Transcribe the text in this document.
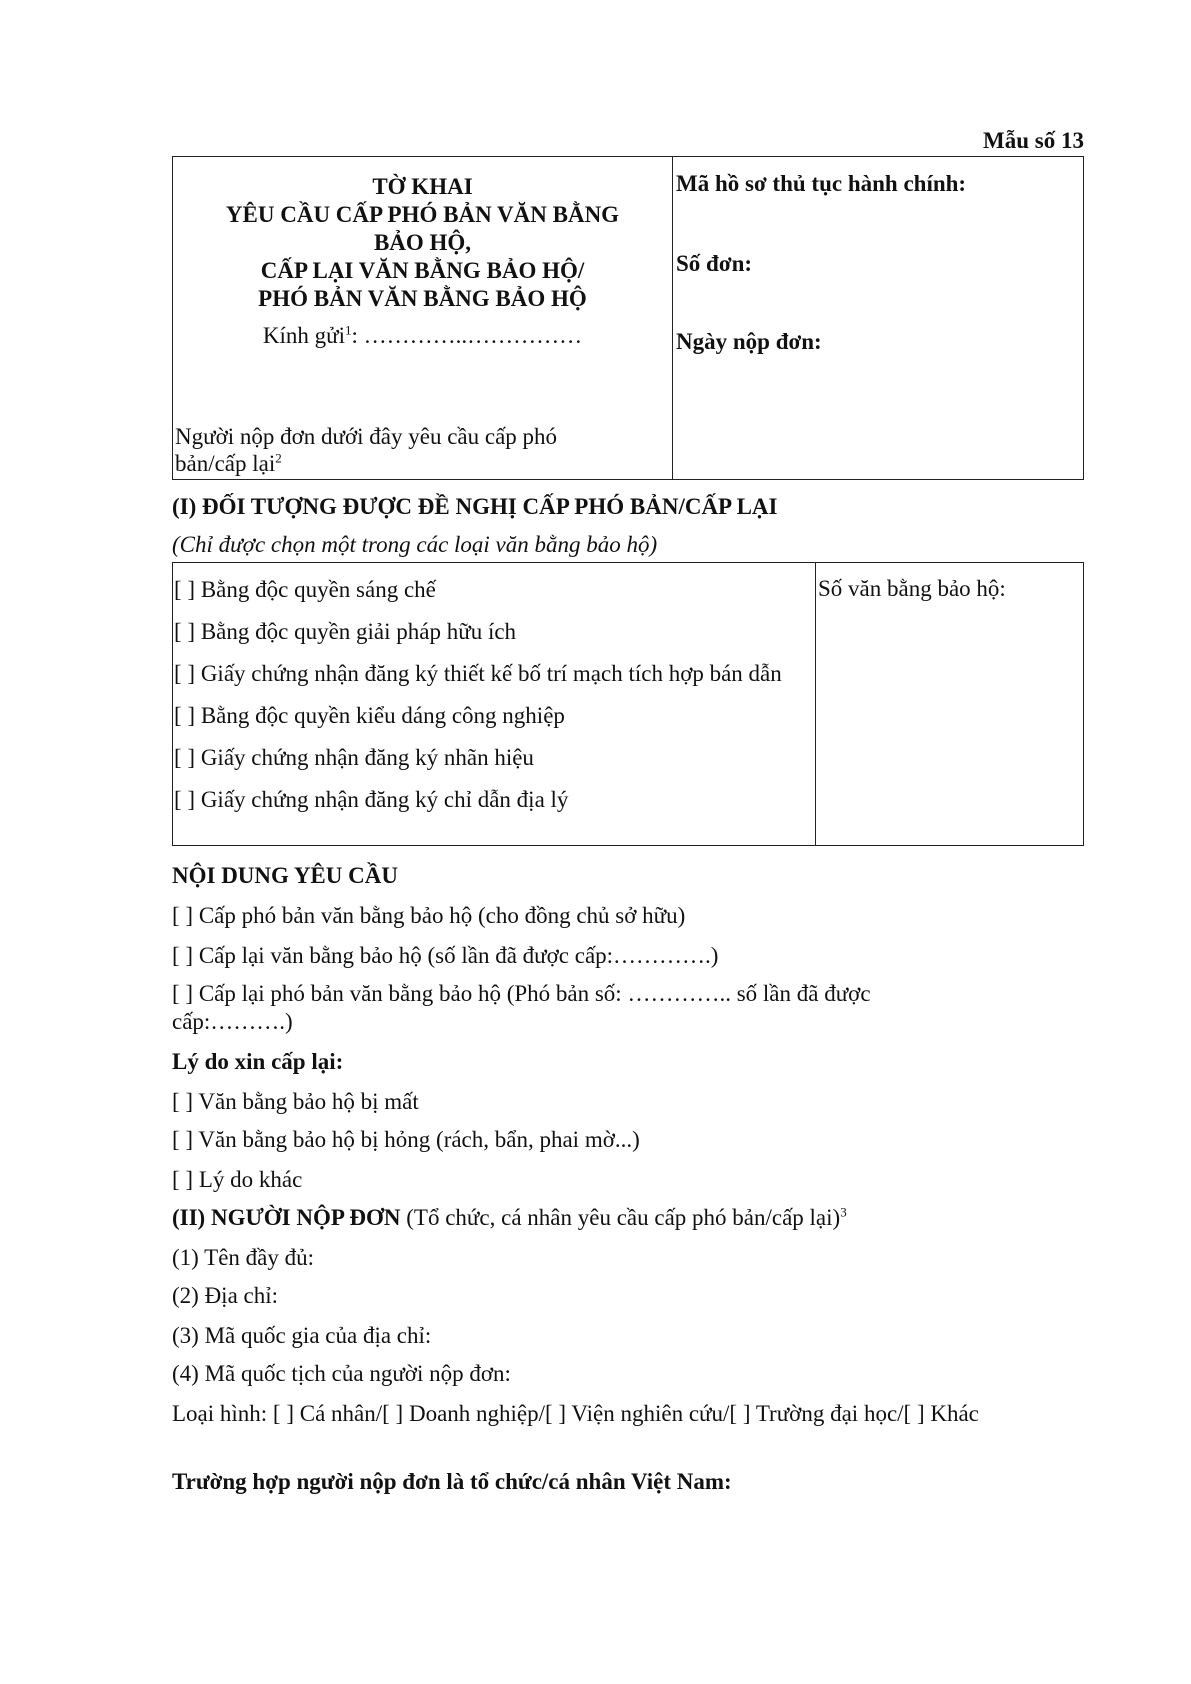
Mẫu số 13
TỜ KHAI
YÊU CẦU CẤP PHÓ BẢN VĂN BẰNG
BẢO HỘ,
CẤP LẠI VĂN BẰNG BẢO HỘ/
PHÓ BẢN VĂN BẰNG BẢO HỘ
Kính gửi$^1$: …………..……………
Người nộp đơn dưới đây yêu cầu cấp phó
bản/cấp lại$^2$
Mã hồ sơ thủ tục hành chính:
Số đơn:
Ngày nộp đơn:
(I) ĐỐI TƯỢNG ĐƯỢC ĐỀ NGHỊ CẤP PHÓ BẢN/CẤP LẠI
(Chỉ được chọn một trong các loại văn bằng bảo hộ)
[ ] Bằng độc quyền sáng chế
[ ] Bằng độc quyền giải pháp hữu ích
[ ] Giấy chứng nhận đăng ký thiết kế bố trí mạch tích hợp bán dẫn
[ ] Bằng độc quyền kiểu dáng công nghiệp
[ ] Giấy chứng nhận đăng ký nhãn hiệu
[ ] Giấy chứng nhận đăng ký chỉ dẫn địa lý
Số văn bằng bảo hộ:
NỘI DUNG YÊU CẦU
[ ] Cấp phó bản văn bằng bảo hộ (cho đồng chủ sở hữu)
[ ] Cấp lại văn bằng bảo hộ (số lần đã được cấp:………….)
[ ] Cấp lại phó bản văn bằng bảo hộ (Phó bản số: ………….. số lần đã được cấp:……….)
Lý do xin cấp lại:
[ ] Văn bằng bảo hộ bị mất
[ ] Văn bằng bảo hộ bị hỏng (rách, bẩn, phai mờ...)
[ ] Lý do khác
(II) NGƯỜI NỘP ĐƠN (Tổ chức, cá nhân yêu cầu cấp phó bản/cấp lại)$^3$
(1) Tên đầy đủ:
(2) Địa chỉ:
(3) Mã quốc gia của địa chỉ:
(4) Mã quốc tịch của người nộp đơn:
Loại hình: [ ] Cá nhân/[ ] Doanh nghiệp/[ ] Viện nghiên cứu/[ ] Trường đại học/[ ] Khác
Trường hợp người nộp đơn là tổ chức/cá nhân Việt Nam:
